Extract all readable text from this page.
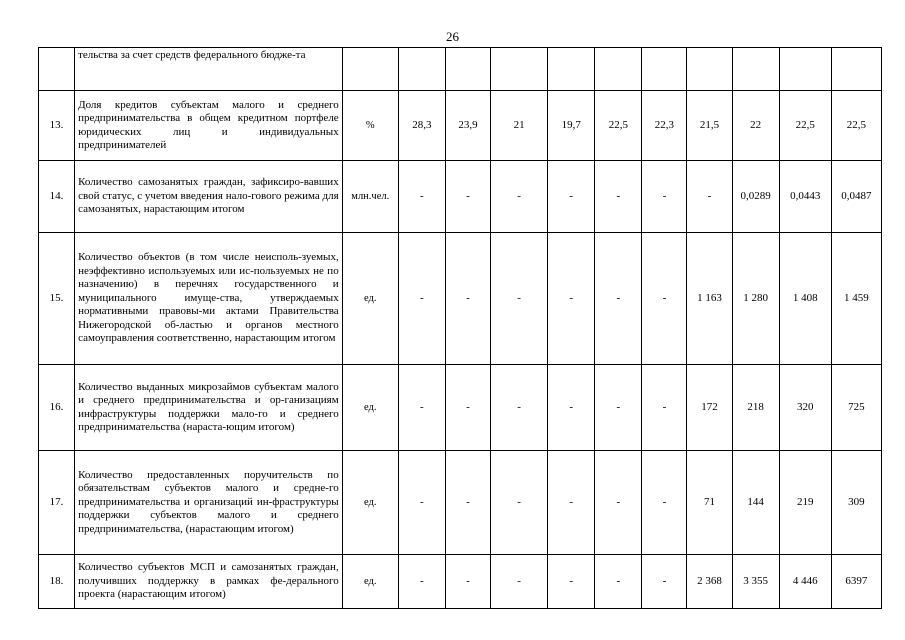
26
	тельства за счет средств федерального бюдже-та											
13.	Доля кредитов субъектам малого и среднего предпринимательства в общем кредитном портфеле юридических лиц и индивидуальных предпринимателей	%	28,3	23,9	21	19,7	22,5	22,3	21,5	22	22,5	22,5
14.	Количество самозанятых граждан, зафиксиро-вавших свой статус, с учетом введения нало-гового режима для самозанятых, нарастающим итогом	млн.чел.	-	-	-	-	-	-	-	0,0289	0,0443	0,0487
15.	Количество объектов (в том числе неисполь-зуемых, неэффективно используемых или ис-пользуемых не по назначению) в перечнях государственного и муниципального имуще-ства, утверждаемых нормативными правовы-ми актами Правительства Нижегородской об-ластью и органов местного самоуправления соответственно, нарастающим итогом	ед.	-	-	-	-	-	-	1 163	1 280	1 408	1 459
16.	Количество выданных микрозаймов субъектам малого и среднего предпринимательства и ор-ганизациям инфраструктуры поддержки мало-го и среднего предпринимательства (нараста-ющим итогом)	ед.	-	-	-	-	-	-	172	218	320	725
17.	Количество предоставленных поручительств по обязательствам субъектов малого и средне-го предпринимательства и организаций ин-фраструктуры поддержки субъектов малого и среднего предпринимательства, (нарастающим итогом)	ед.	-	-	-	-	-	-	71	144	219	309
18.	Количество субъектов МСП и самозанятых граждан, получивших поддержку в рамках фе-дерального проекта (нарастающим итогом)	ед.	-	-	-	-	-	-	2 368	3 355	4 446	6397
